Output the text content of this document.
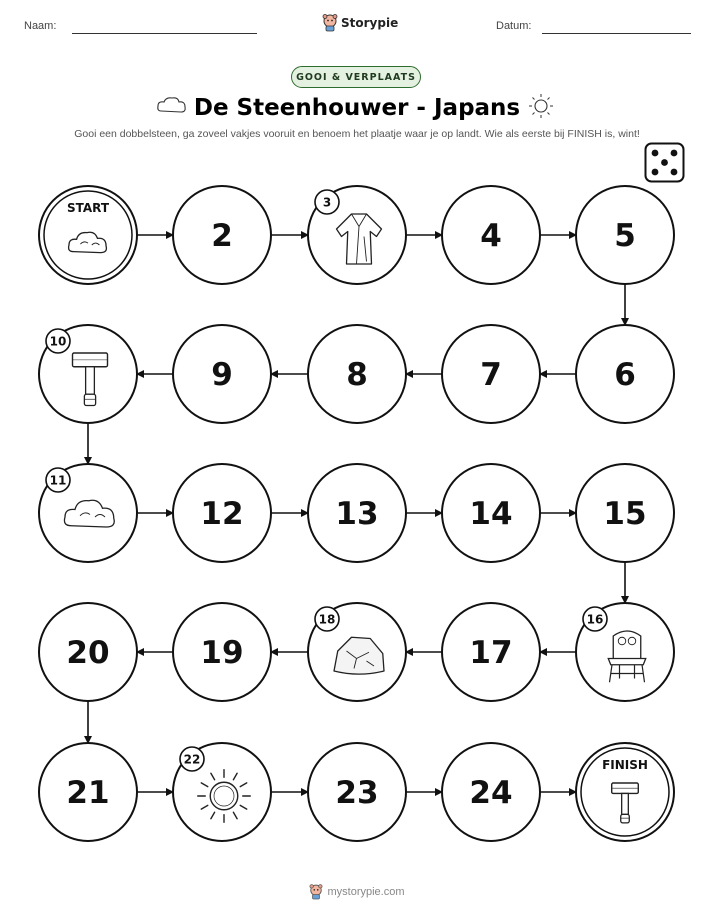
Naam:	Storypie	Datum:
GOOI & VERPLAATS
De Steenhouwer - Japans
Gooi een dobbelsteen, ga zoveel vakjes vooruit en benoem het plaatje waar je op landt. Wie als eerste bij FINISH is, wint!
START
2
3
4	5
6
7
8
9
10
11
12	13	14	15
16
17
18
19
20
21
22
23	24
FINISH
mystorypie.com
